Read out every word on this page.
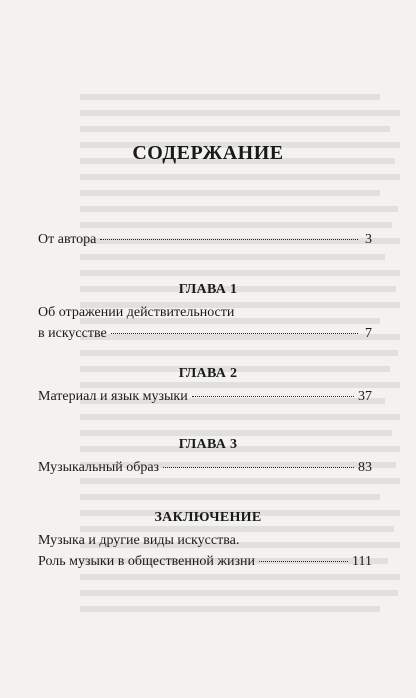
СОДЕРЖАНИЕ
От автора	3
ГЛАВА 1
Об отражении действительности
в искусстве	7
ГЛАВА 2
Материал и язык музыки	37
ГЛАВА 3
Музыкальный образ	83
ЗАКЛЮЧЕНИЕ
Музыка и другие виды искусства.
Роль музыки в общественной жизни	111
